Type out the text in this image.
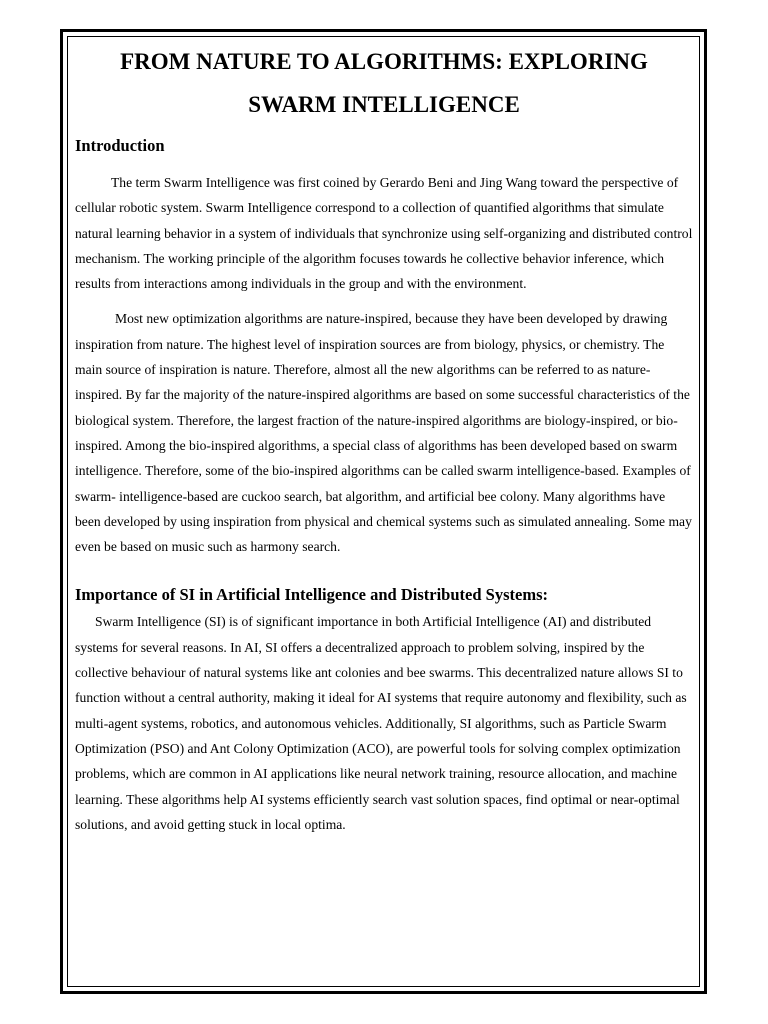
FROM NATURE TO ALGORITHMS: EXPLORING
SWARM INTELLIGENCE
Introduction

The term Swarm Intelligence was first coined by Gerardo Beni and Jing Wang toward the perspective of cellular robotic system. Swarm Intelligence correspond to a collection of quantified algorithms that simulate natural learning behavior in a system of individuals that synchronize using self-organizing and distributed control mechanism. The working principle of the algorithm focuses towards he collective behavior inference, which results from interactions among individuals in the group and with the environment.

Most new optimization algorithms are nature-inspired, because they have been developed by drawing inspiration from nature. The highest level of inspiration sources are from biology, physics, or chemistry. The main source of inspiration is nature. Therefore, almost all the new algorithms can be referred to as nature-inspired. By far the majority of the nature-inspired algorithms are based on some successful characteristics of the

biological system. Therefore, the largest fraction of the nature-inspired algorithms are biology-inspired, or bio-inspired. Among the bio-inspired algorithms, a special class of algorithms has been developed based on swarm intelligence. Therefore, some of the bio-inspired algorithms can be called swarm intelligence-based. Examples of swarm- intelligence-based are cuckoo search, bat algorithm, and artificial bee colony. Many algorithms have been developed by using inspiration from physical and chemical systems such as simulated annealing. Some may even be based on music such as harmony search.

Importance of SI in Artificial Intelligence and Distributed Systems:

Swarm Intelligence (SI) is of significant importance in both Artificial Intelligence (AI) and distributed systems for several reasons. In AI, SI offers a decentralized approach to problem solving, inspired by the collective behaviour of natural systems like ant colonies and bee swarms. This decentralized nature allows SI to function without a central authority, making it ideal for AI systems that require autonomy and flexibility, such as multi-agent systems, robotics, and autonomous vehicles. Additionally, SI algorithms, such as Particle Swarm Optimization (PSO) and Ant Colony Optimization (ACO), are powerful tools for solving complex optimization problems, which are common in AI applications like neural network training, resource allocation, and machine learning. These algorithms help AI systems efficiently search vast solution spaces, find optimal or near-optimal solutions, and avoid getting stuck in local optima.
